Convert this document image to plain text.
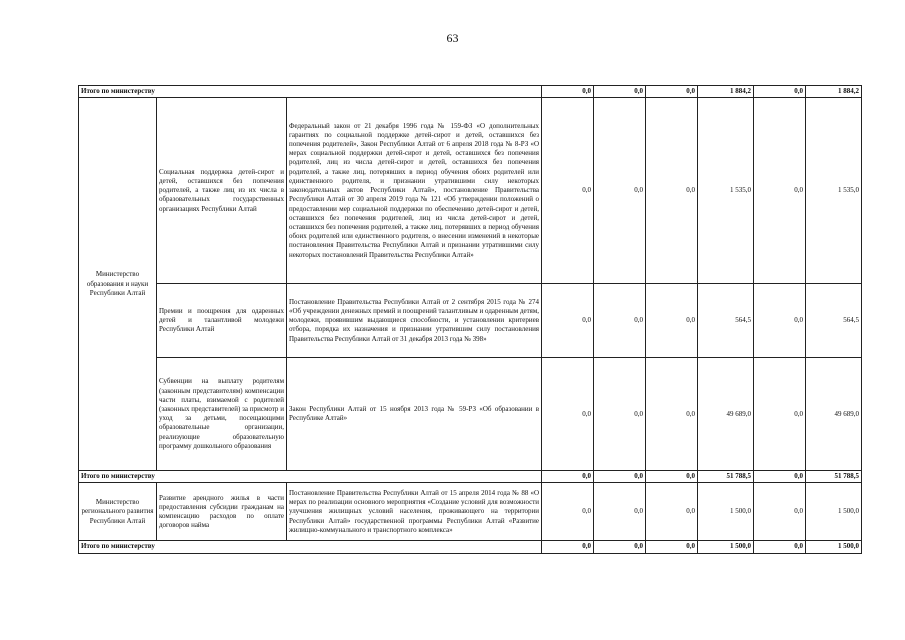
63
Итого по министерству			0,0	0,0	0,0	1 884,2	0,0	1 884,2
Министерство образования и науки Республики Алтай	Социальная поддержка детей-сирот и детей, оставшихся без попечения родителей, а также лиц из их числа в образовательных государственных организациях Республики Алтай	Федеральный закон от 21 декабря 1996 года № 159-ФЗ «О дополнительных гарантиях по социальной поддержке детей-сирот и детей, оставшихся без попечения родителей», Закон Республики Алтай от 6 апреля 2018 года № 8-РЗ «О мерах социальной поддержки детей-сирот и детей, оставшихся без попечения родителей, лиц из числа детей-сирот и детей, оставшихся без попечения родителей, а также лиц, потерявших в период обучения обоих родителей или единственного родителя, и признании утратившими силу некоторых законодательных актов Республики Алтай», постановление Правительства Республики Алтай от 30 апреля 2019 года № 121 «Об утверждении положений о предоставлении мер социальной поддержки по обеспечению детей-сирот и детей, оставшихся без попечения родителей, лиц из числа детей-сирот и детей, оставшихся без попечения родителей, а также лиц, потерявших в период обучения обоих родителей или единственного родителя, о внесении изменений в некоторые постановления Правительства Республики Алтай и признании утратившими силу некоторых постановлений Правительства Республики Алтай»	0,0	0,0	0,0	1 535,0	0,0	1 535,0
	Премии и поощрения для одаренных детей и талантливой молодежи Республики Алтай	Постановление Правительства Республики Алтай от 2 сентября 2015 года № 274 «Об учреждении денежных премий и поощрений талантливым и одаренным детям, молодежи, проявившим выдающиеся способности, и установлении критериев отбора, порядка их назначения и признании утратившим силу постановления Правительства Республики Алтай от 31 декабря 2013 года № 398»	0,0	0,0	0,0	564,5	0,0	564,5
	Субвенции на выплату родителям (законным представителям) компенсации части платы, взимаемой с родителей (законных представителей) за присмотр и уход за детьми, посещающими образовательные организации, реализующие образовательную программу дошкольного образования	Закон Республики Алтай от 15 ноября 2013 года № 59-РЗ «Об образовании в Республике Алтай»	0,0	0,0	0,0	49 689,0	0,0	49 689,0
Итого по министерству			0,0	0,0	0,0	51 788,5	0,0	51 788,5
Министерство регионального развития Республики Алтай	Развитие арендного жилья в части предоставления субсидии гражданам на компенсацию расходов по оплате договоров найма	Постановление Правительства Республики Алтай от 15 апреля 2014 года № 88 «О мерах по реализации основного мероприятия «Создание условий для возможности улучшения жилищных условий населения, проживающего на территории Республики Алтай» государственной программы Республики Алтай «Развитие жилищно-коммунального и транспортного комплекса»	0,0	0,0	0,0	1 500,0	0,0	1 500,0
Итого по министерству			0,0	0,0	0,0	1 500,0	0,0	1 500,0
